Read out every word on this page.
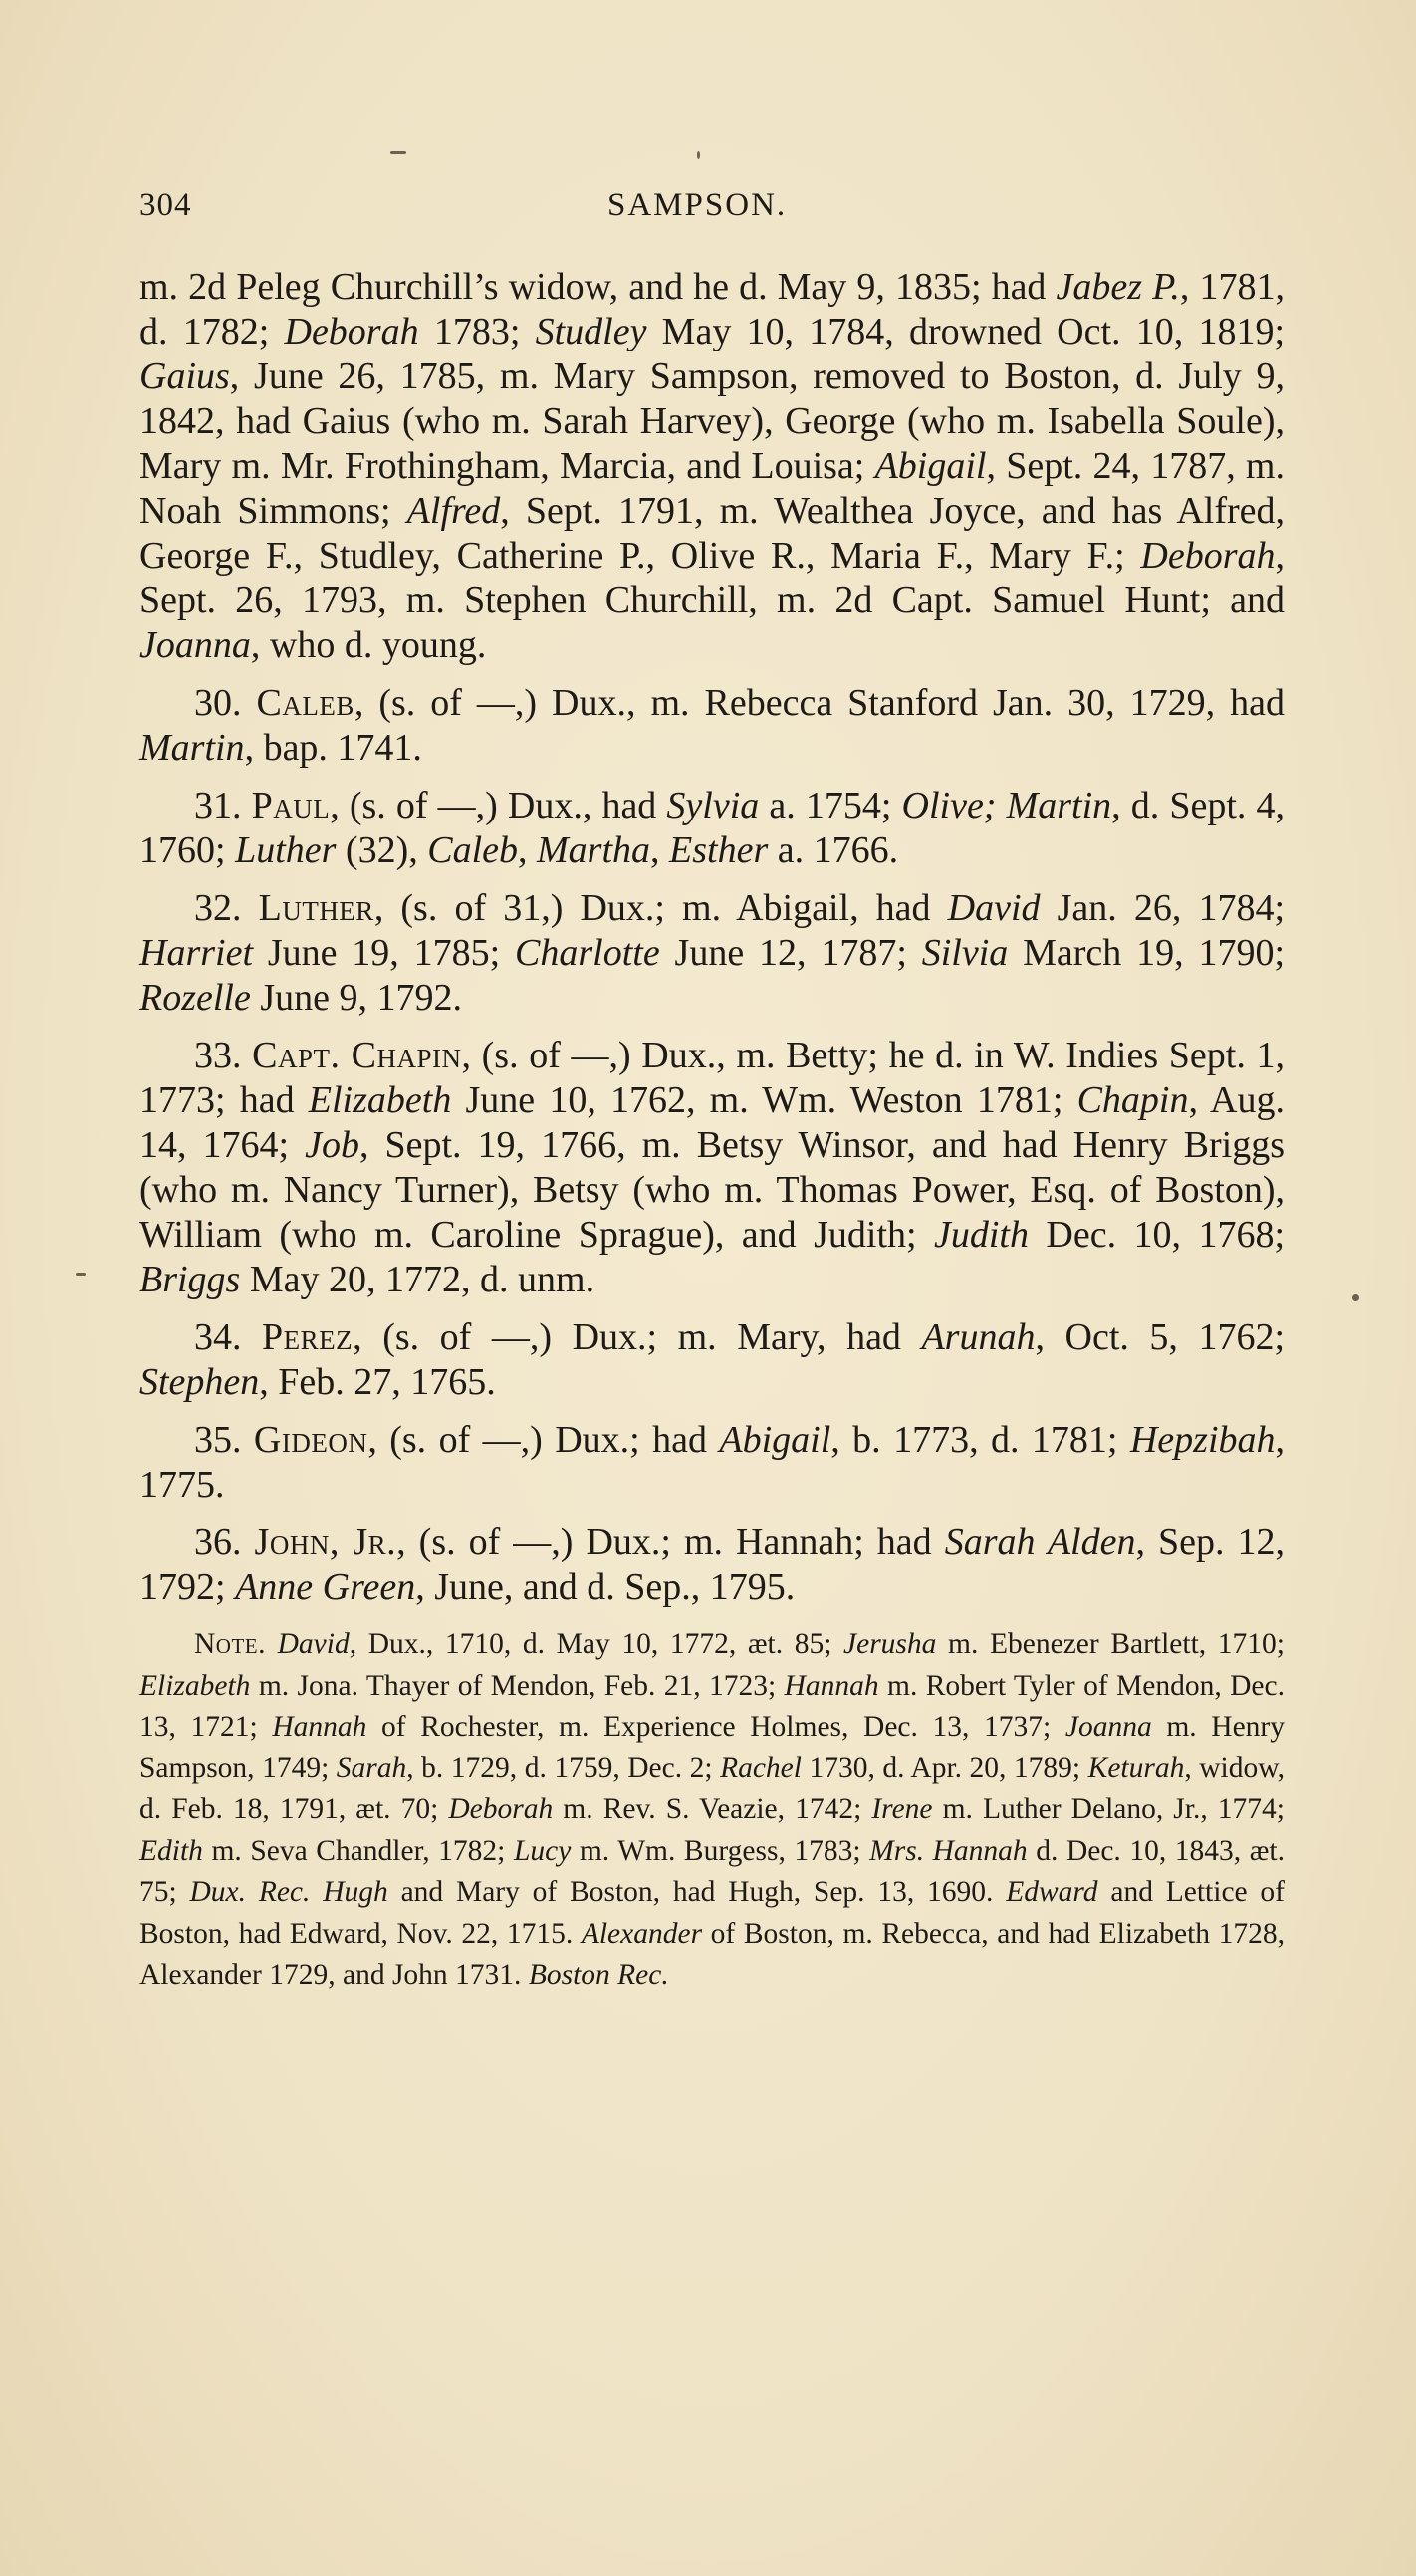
304	SAMPSON.

m. 2d Peleg Churchill’s widow, and he d. May 9, 1835; had Jabez P., 1781, d. 1782; Deborah 1783; Studley May 10, 1784, drowned Oct. 10, 1819; Gaius, June 26, 1785, m. Mary Sampson, removed to Boston, d. July 9, 1842, had Gaius (who m. Sarah Harvey), George (who m. Isabella Soule), Mary m. Mr. Frothingham, Marcia, and Louisa; Abigail, Sept. 24, 1787, m. Noah Simmons; Alfred, Sept. 1791, m. Wealthea Joyce, and has Alfred, George F., Studley, Catherine P., Olive R., Maria F., Mary F.; Deborah, Sept. 26, 1793, m. Stephen Churchill, m. 2d Capt. Samuel Hunt; and Joanna, who d. young.

30. Caleb, (s. of —,) Dux., m. Rebecca Stanford Jan. 30, 1729, had Martin, bap. 1741.

31. Paul, (s. of —,) Dux., had Sylvia a. 1754; Olive; Martin, d. Sept. 4, 1760; Luther (32), Caleb, Martha, Esther a. 1766.

32. Luther, (s. of 31,) Dux.; m. Abigail, had David Jan. 26, 1784; Harriet June 19, 1785; Charlotte June 12, 1787; Silvia March 19, 1790; Rozelle June 9, 1792.

33. Capt. Chapin, (s. of —,) Dux., m. Betty; he d. in W. Indies Sept. 1, 1773; had Elizabeth June 10, 1762, m. Wm. Weston 1781; Chapin, Aug. 14, 1764; Job, Sept. 19, 1766, m. Betsy Winsor, and had Henry Briggs (who m. Nancy Turner), Betsy (who m. Thomas Power, Esq. of Boston), William (who m. Caroline Sprague), and Judith; Judith Dec. 10, 1768; Briggs May 20, 1772, d. unm.

34. Perez, (s. of —,) Dux.; m. Mary, had Arunah, Oct. 5, 1762; Stephen, Feb. 27, 1765.

35. Gideon, (s. of —,) Dux.; had Abigail, b. 1773, d. 1781; Hepzibah, 1775.

36. John, Jr., (s. of —,) Dux.; m. Hannah; had Sarah Alden, Sep. 12, 1792; Anne Green, June, and d. Sep., 1795.

Note. David, Dux., 1710, d. May 10, 1772, æt. 85; Jerusha m. Ebenezer Bartlett, 1710; Elizabeth m. Jona. Thayer of Mendon, Feb. 21, 1723; Hannah m. Robert Tyler of Mendon, Dec. 13, 1721; Hannah of Rochester, m. Experience Holmes, Dec. 13, 1737; Joanna m. Henry Sampson, 1749; Sarah, b. 1729, d. 1759, Dec. 2; Rachel 1730, d. Apr. 20, 1789; Keturah, widow, d. Feb. 18, 1791, æt. 70; Deborah m. Rev. S. Veazie, 1742; Irene m. Luther Delano, Jr., 1774; Edith m. Seva Chandler, 1782; Lucy m. Wm. Burgess, 1783; Mrs. Hannah d. Dec. 10, 1843, æt. 75; Dux. Rec. Hugh and Mary of Boston, had Hugh, Sep. 13, 1690. Edward and Lettice of Boston, had Edward, Nov. 22, 1715. Alexander of Boston, m. Rebecca, and had Elizabeth 1728, Alexander 1729, and John 1731. Boston Rec.
